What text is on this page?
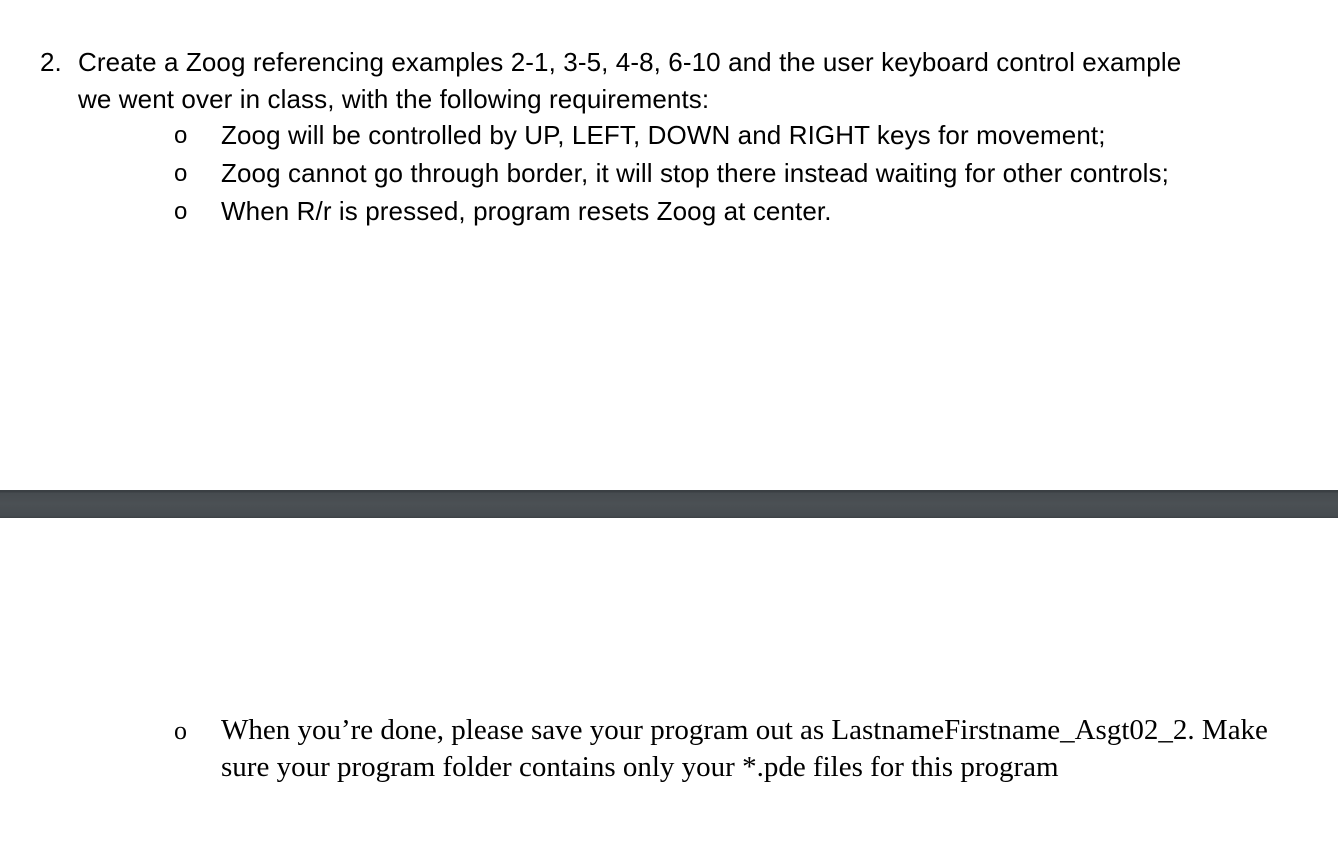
2. Create a Zoog referencing examples 2-1, 3-5, 4-8, 6-10 and the user keyboard control example
we went over in class, with the following requirements:
o Zoog will be controlled by UP, LEFT, DOWN and RIGHT keys for movement;
o Zoog cannot go through border, it will stop there instead waiting for other controls;
o When R/r is pressed, program resets Zoog at center.
o When you’re done, please save your program out as LastnameFirstname_Asgt02_2. Make sure your program folder contains only your *.pde files for this program
